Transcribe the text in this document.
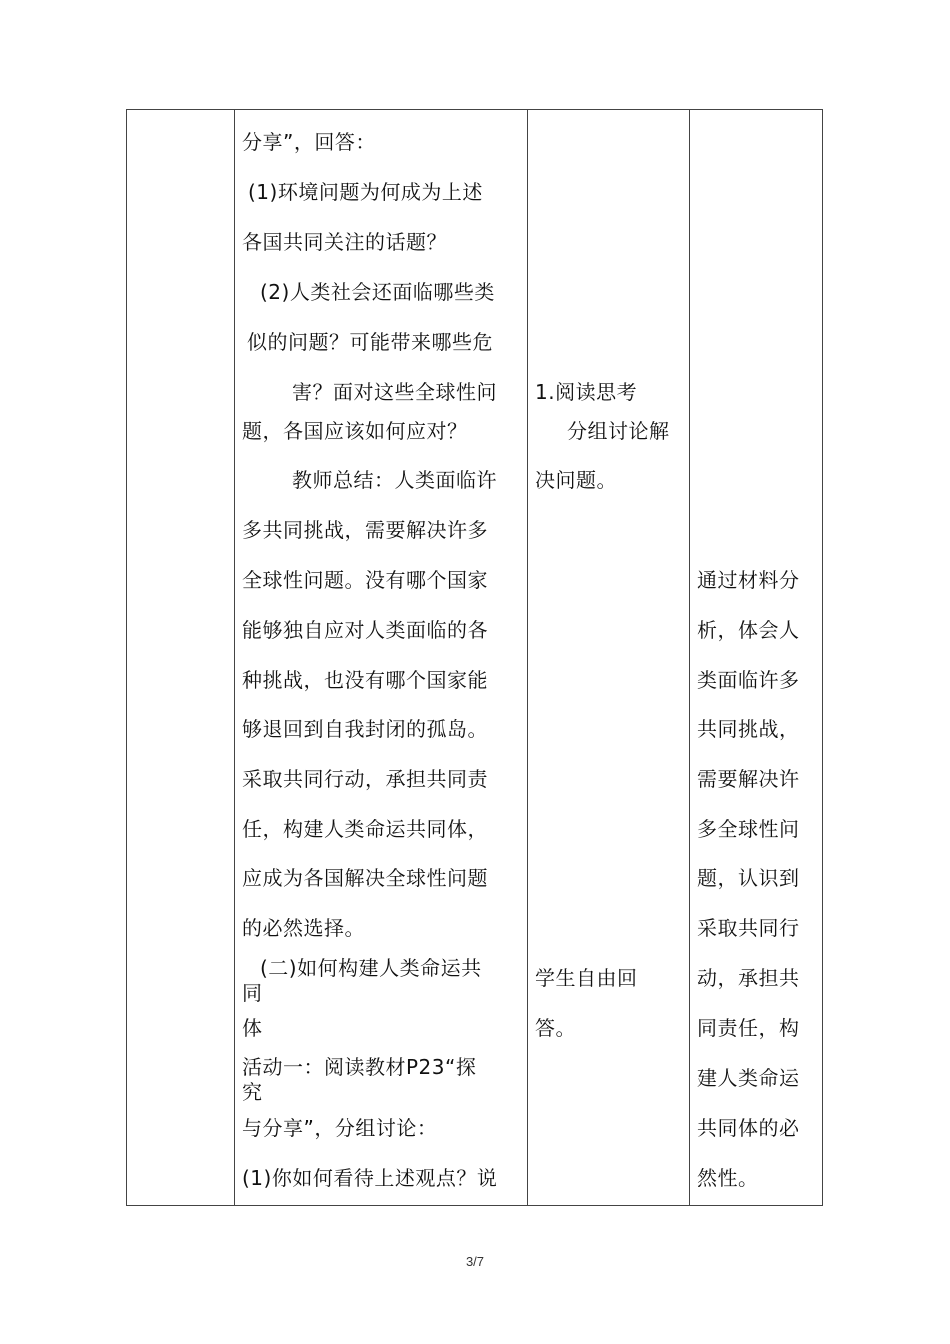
分享”，回答：
(1)环境问题为何成为上述
各国共同关注的话题？
(2)人类社会还面临哪些类
似的问题？可能带来哪些危
害？面对这些全球性问
题，各国应该如何应对？
教师总结：人类面临许
多共同挑战，需要解决许多
全球性问题。没有哪个国家
能够独自应对人类面临的各
种挑战，也没有哪个国家能
够退回到自我封闭的孤岛。
采取共同行动，承担共同责
任，构建人类命运共同体，
应成为各国解决全球性问题
的必然选择。
(二)如何构建人类命运共
同
体
活动一：阅读教材P23“探
究
与分享”，分组讨论：
(1)你如何看待上述观点？说
1.阅读思考
分组讨论解
决问题。
学生自由回
答。
通过材料分
析，体会人
类面临许多
共同挑战，
需要解决许
多全球性问
题，认识到
采取共同行
动，承担共
同责任，构
建人类命运
共同体的必
然性。
3/7
